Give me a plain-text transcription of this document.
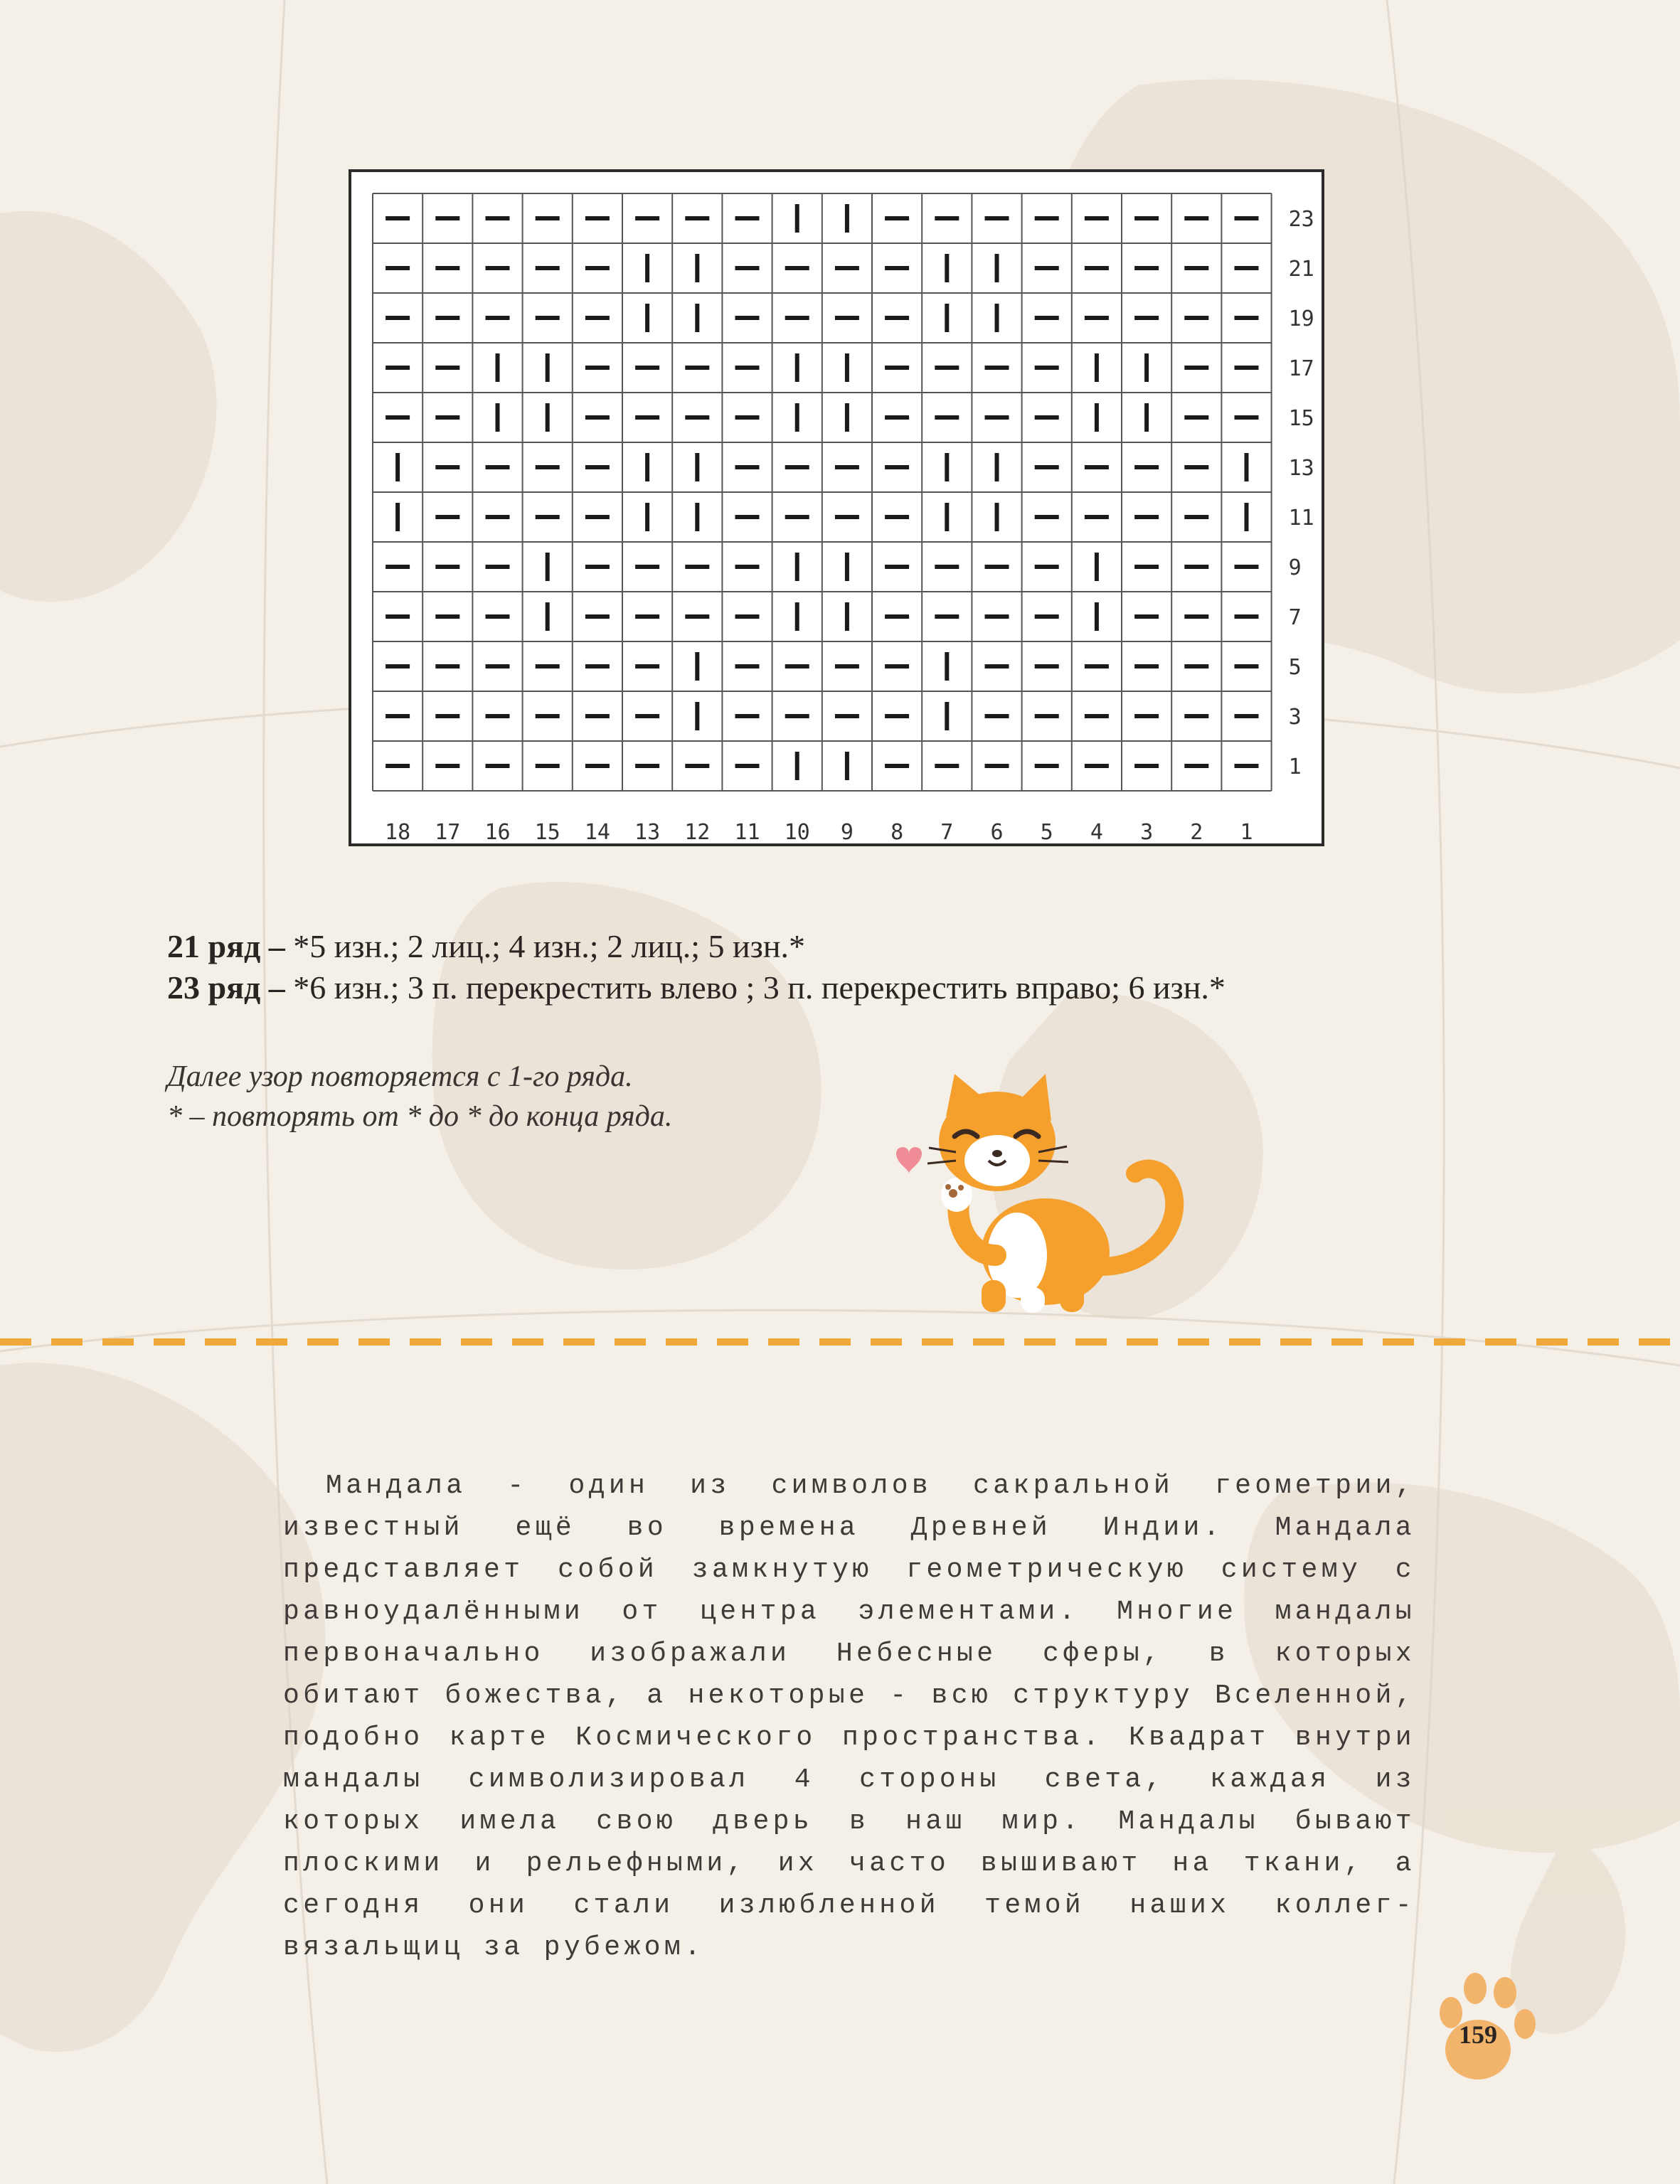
23
21
19
17
15
13
11
9
7
5
3
1
18 17 16 15 14 13 12 11 10 9 8 7 6 5 4 3 2 1
21 ряд – *5 изн.; 2 лиц.; 4 изн.; 2 лиц.; 5 изн.*
23 ряд – *6 изн.; 3 п. перекрестить влево ; 3 п. перекрестить вправо; 6 изн.*
Далее узор повторяется с 1-го ряда.
* – повторять от * до * до конца ряда.

Мандала - один из символов сакральной геометрии, известный ещё во времена Древней Индии. Мандала представляет собой замкнутую геометрическую систему с равноудалёнными от центра элементами. Многие мандалы первоначально изображали Небесные сферы, в которых обитают божества, а некоторые - всю структуру Вселенной, подобно карте Космического пространства. Квадрат внутри мандалы символизировал 4 стороны света, каждая из которых имела свою дверь в наш мир. Мандалы бывают плоскими и рельефными, их часто вышивают на ткани, а сегодня они стали излюбленной темой наших коллег-вязальщиц за рубежом.

159
